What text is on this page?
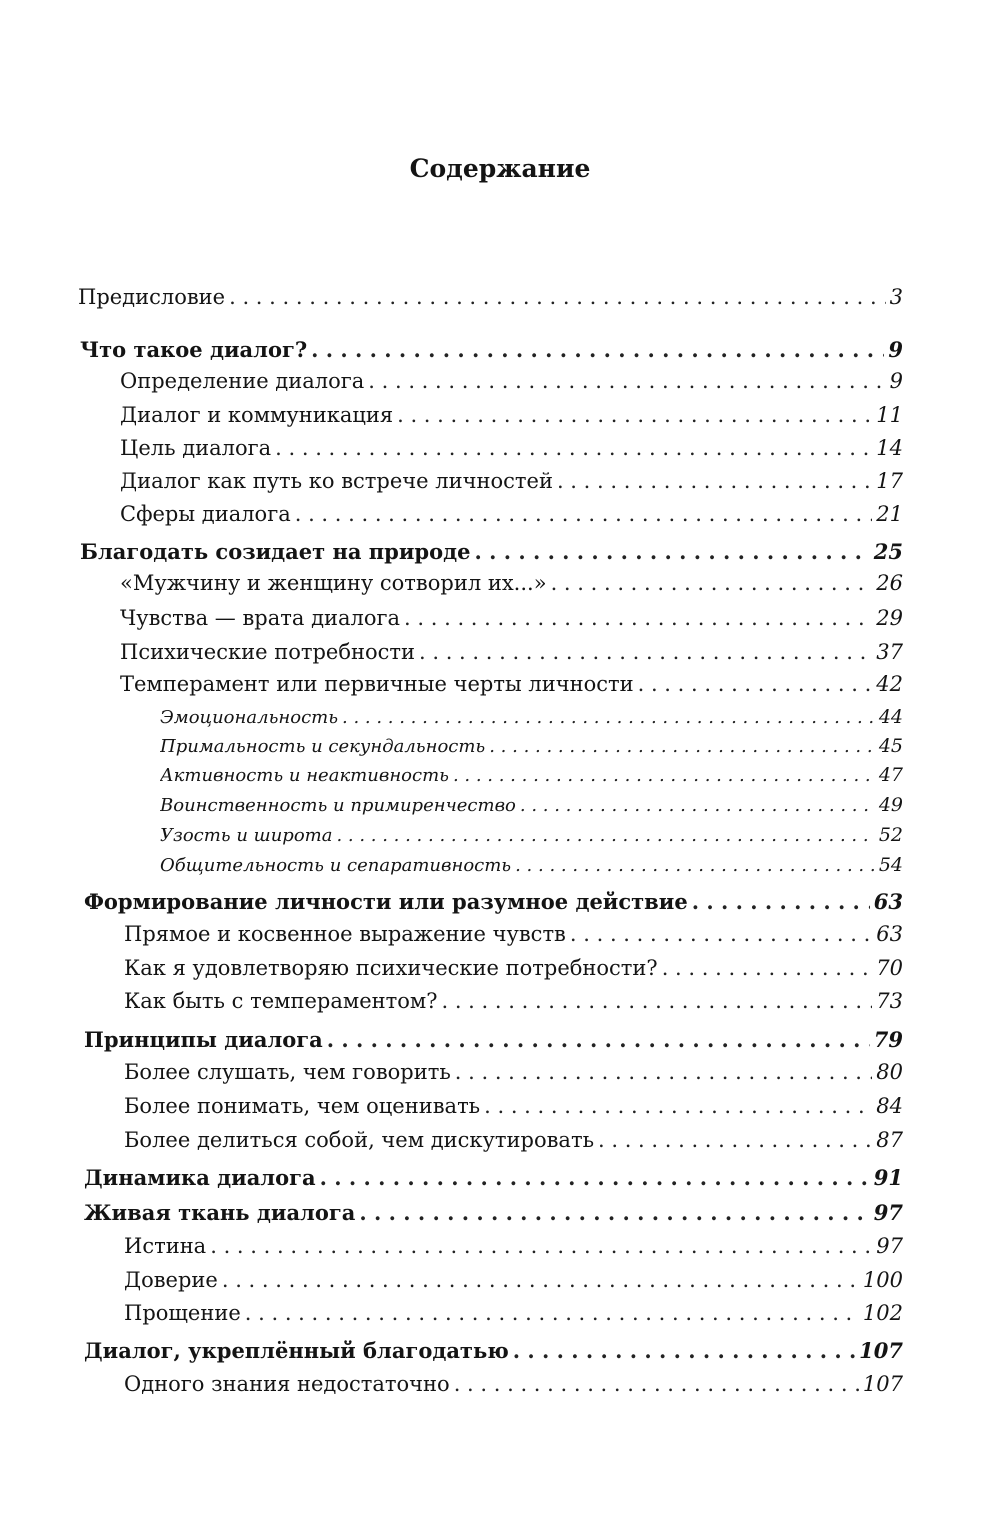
Содержание
Предисловие . . .	3
Что такое диалог? . . .	9
Определение диалога . . .	9
Диалог и коммуникация . . .	11
Цель диалога . . .	14
Диалог как путь ко встрече личностей . . .	17
Сферы диалога . . .	21
Благодать созидает на природе . . .	25
«Мужчину и женщину сотворил их...» . . .	26
Чувства — врата диалога . . .	29
Психические потребности . . .	37
Темперамент или первичные черты личности . . .	42
Эмоциональность . . .	44
Примальность и секундальность . . .	45
Активность и неактивность . . .	47
Воинственность и примиренчество . . .	49
Узость и широта . . .	52
Общительность и сепаративность . . .	54
Формирование личности или разумное действие . . .	63
Прямое и косвенное выражение чувств . . .	63
Как я удовлетворяю психические потребности? . . .	70
Как быть с темпераментом? . . .	73
Принципы диалога . . .	79
Более слушать, чем говорить . . .	80
Более понимать, чем оценивать . . .	84
Более делиться собой, чем дискутировать . . .	87
Динамика диалога . . .	91
Живая ткань диалога . . .	97
Истина . . .	97
Доверие . . .	100
Прощение . . .	102
Диалог, укреплённый благодатью . . .	107
Одного знания недостаточно . . .	107
